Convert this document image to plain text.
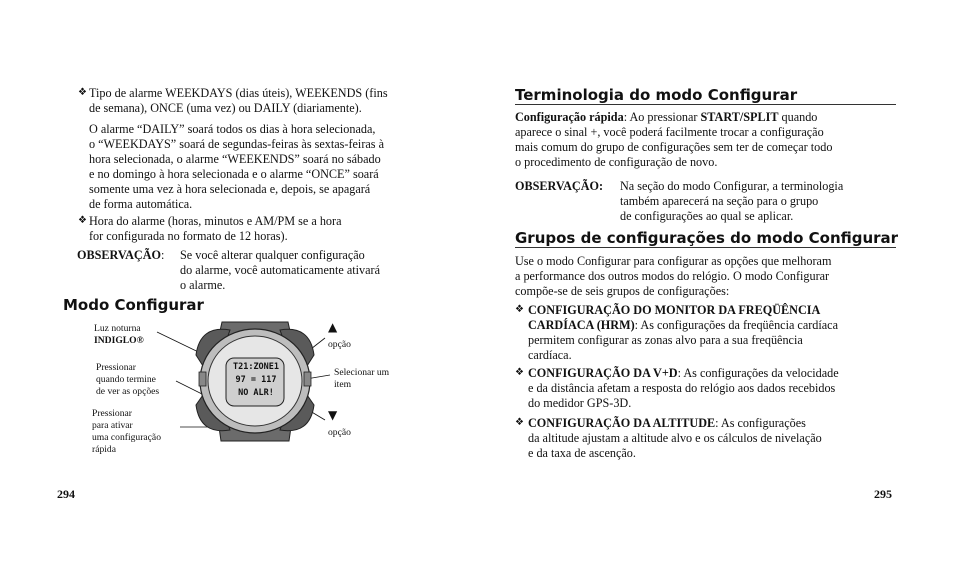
❖ Tipo de alarme WEEKDAYS (dias úteis), WEEKENDS (fins
de semana), ONCE (uma vez) ou DAILY (diariamente).
O alarme “DAILY” soará todos os dias à hora selecionada,
o “WEEKDAYS” soará de segundas-feiras às sextas-feiras à
hora selecionada, o alarme “WEEKENDS” soará no sábado
e no domingo à hora selecionada e o alarme “ONCE” soará
somente uma vez à hora selecionada e, depois, se apagará
de forma automática.
❖ Hora do alarme (horas, minutos e AM/PM se a hora
for configurada no formato de 12 horas).
OBSERVAÇÃO: Se você alterar qualquer configuração
do alarme, você automaticamente ativará
o alarme.
Modo Configurar
T21:ZONE1
97 = 117
NO ALR!
Luz noturna
INDIGLO®
Pressionar
quando termine
de ver as opções
Pressionar
para ativar
uma configuração
rápida
▲
opção
Selecionar um
item
▼
opção
294
Terminologia do modo Configurar
Configuração rápida: Ao pressionar START/SPLIT quando
aparece o sinal +, você poderá facilmente trocar a configuração
mais comum do grupo de configurações sem ter de começar todo
o procedimento de configuração de novo.
OBSERVAÇÃO: Na seção do modo Configurar, a terminologia
também aparecerá na seção para o grupo
de configurações ao qual se aplicar.
Grupos de configurações do modo Configurar
Use o modo Configurar para configurar as opções que melhoram
a performance dos outros modos do relógio. O modo Configurar
compõe-se de seis grupos de configurações:
❖ CONFIGURAÇÃO DO MONITOR DA FREQÜÊNCIA
CARDÍACA (HRM): As configurações da freqüência cardíaca
permitem configurar as zonas alvo para a sua freqüência
cardíaca.
❖ CONFIGURAÇÃO DA V+D: As configurações da velocidade
e da distância afetam a resposta do relógio aos dados recebidos
do medidor GPS-3D.
❖ CONFIGURAÇÃO DA ALTITUDE: As configurações
da altitude ajustam a altitude alvo e os cálculos de nivelação
e da taxa de ascenção.
295
